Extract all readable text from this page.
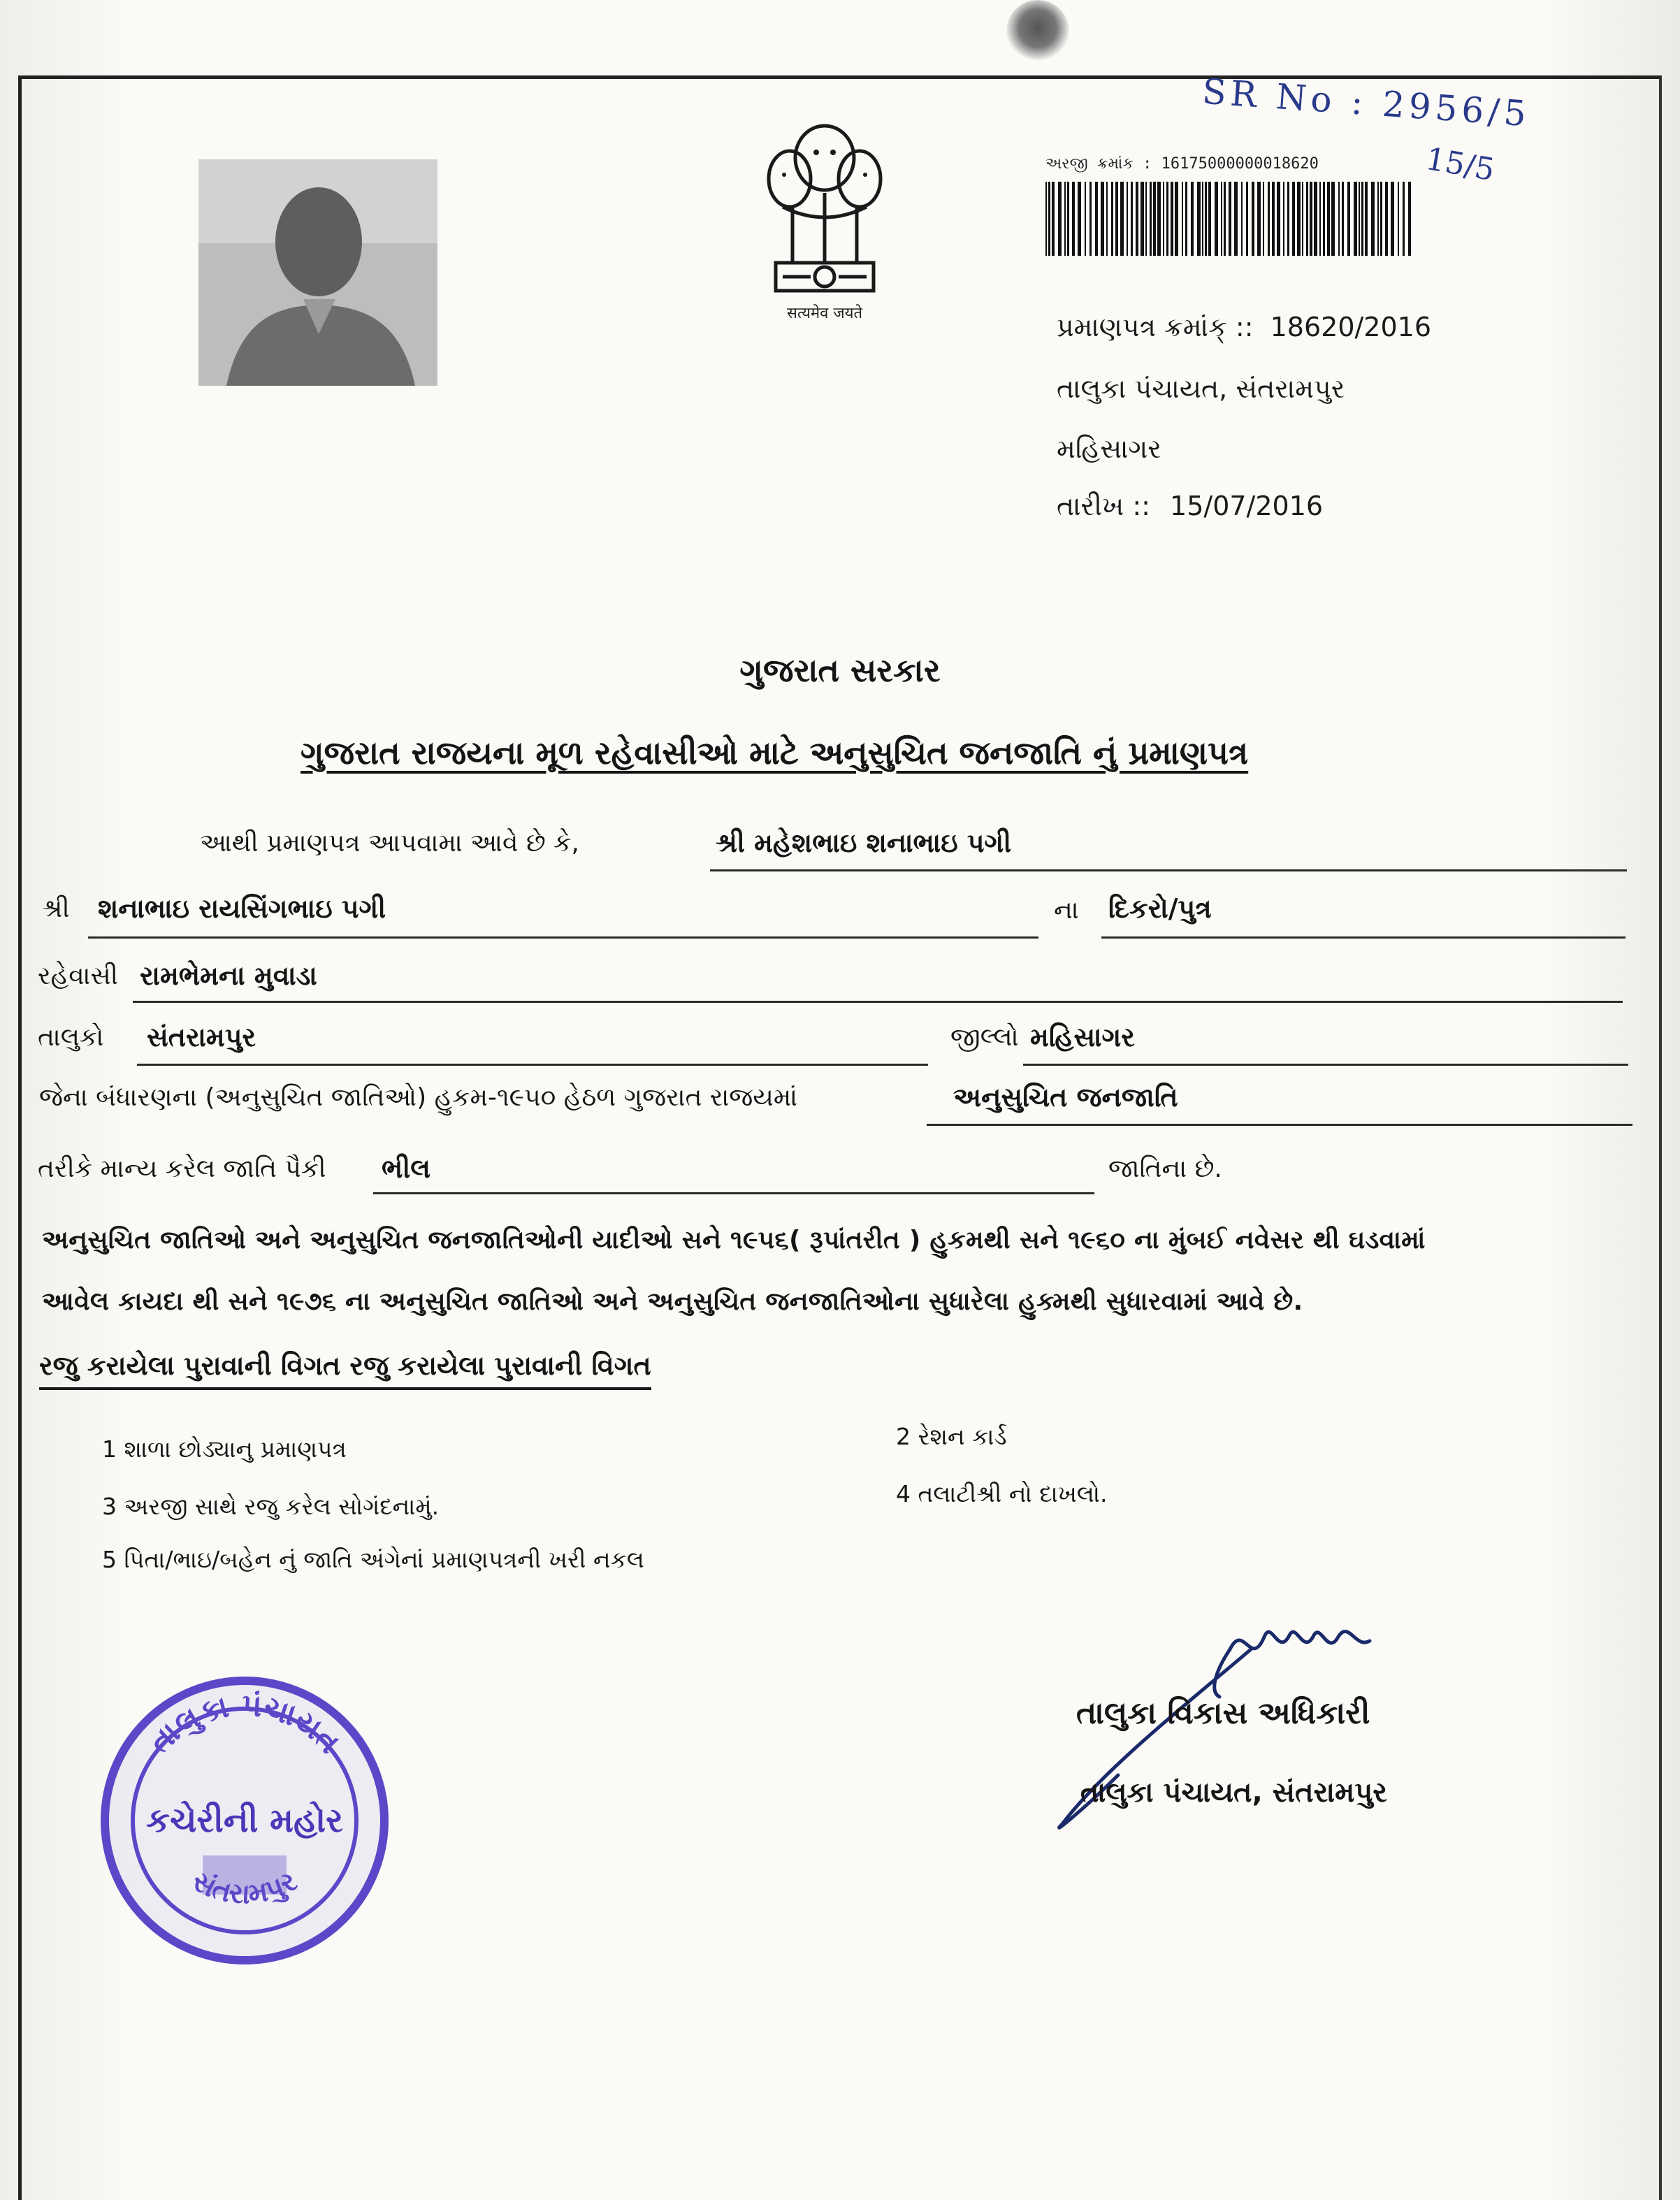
SR No : 2956/5
15/5
सत्यमेव जयते
અરજી ક્રમાંક : 16175000000018620
પ્રમાણપત્ર ક્રમાંક્ :: 18620/2016
તાલુકા પંચાયત, સંતરામપુર
મહિસાગર
તારીખ :: 15/07/2016
ગુજરાત સરકાર
ગુજરાત રાજયના મૂળ રહેવાસીઓ માટે અનુસુચિત જનજાતિ નું પ્રમાણપત્ર
આથી પ્રમાણપત્ર આપવામા આવે છે કે,	શ્રી મહેશભાઇ શનાભાઇ પગી
શ્રી શનાભાઇ રાયસિંગભાઇ પગી	ના દિકરો/પુત્ર
રહેવાસી રામભેમના મુવાડા
તાલુકો સંતરામપુર	જીલ્લો મહિસાગર
જેના બંધારણના (અનુસુચિત જાતિઓ) હુકમ-૧૯૫૦ હેઠળ ગુજરાત રાજયમાં	અનુસુચિત જનજાતિ
તરીકે માન્ય કરેલ જાતિ પૈકી ભીલ	જાતિના છે.
અનુસુચિત જાતિઓ અને અનુસુચિત જનજાતિઓની યાદીઓ સને ૧૯૫૬( રૂપાંતરીત ) હુકમથી સને ૧૯૬૦ ના મુંબઈ નવેસર થી ઘડવામાં
આવેલ કાયદા થી સને ૧૯૭૬ ના અનુસુચિત જાતિઓ અને અનુસુચિત જનજાતિઓના સુધારેલા હુક્મથી સુધારવામાં આવે છે.
રજુ કરાયેલા પુરાવાની વિગત રજુ કરાયેલા પુરાવાની વિગત
1 શાળા છોડ્યાનુ પ્રમાણપત્ર	2 રેશન કાર્ડ
3 અરજી સાથે રજુ કરેલ સોગંદનામું.	4 તલાટીશ્રી નો દાખલો.
5 પિતા/ભાઇ/બહેન નું જાતિ અંગેનાં પ્રમાણપત્રની ખરી નકલ
તાલુકા પંચાયત
કચેરીની મહોર
સંતરામપુર
તાલુકા વિકાસ અધિકારી
તાલુકા પંચાયત, સંતરામપુર
